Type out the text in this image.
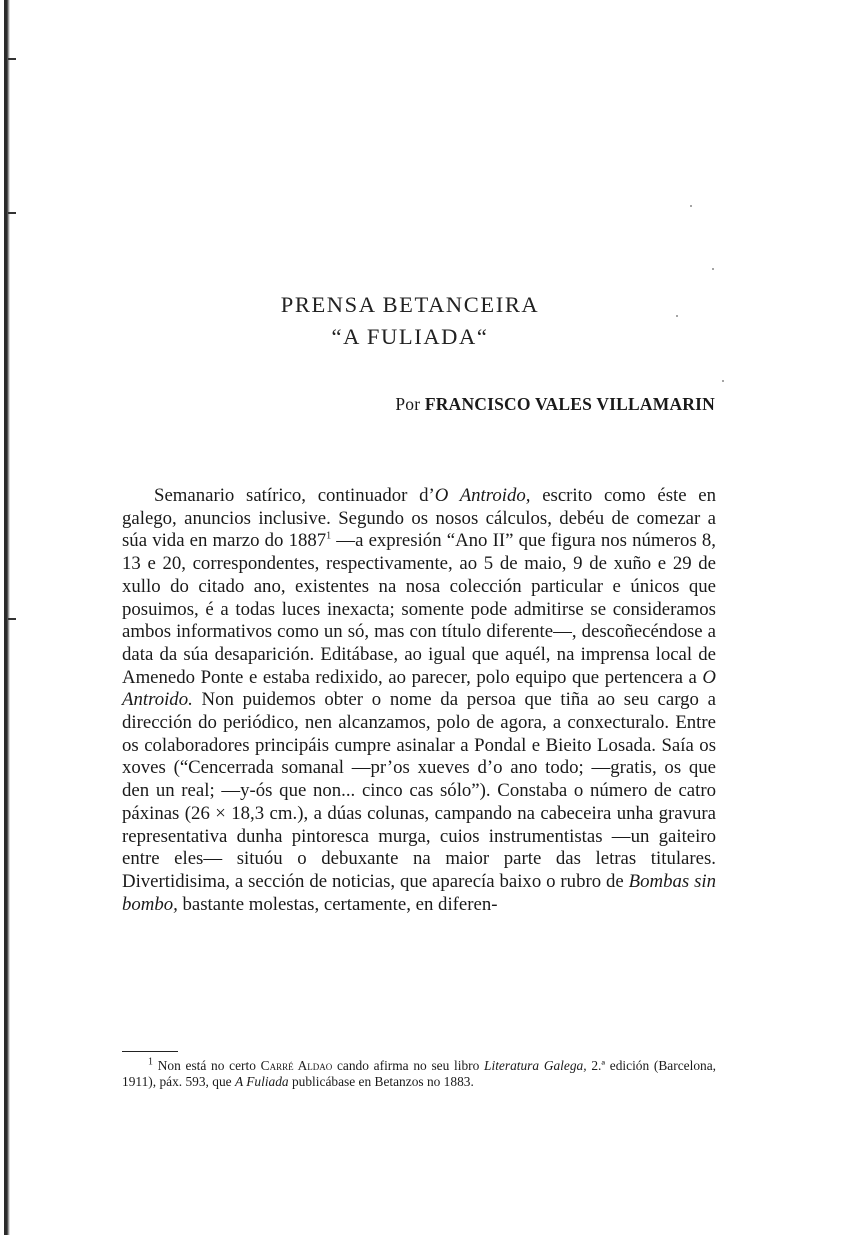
PRENSA BETANCEIRA
“A FULIADA“
Por FRANCISCO VALES VILLAMARIN

Semanario satírico, continuador d’O Antroido, escrito como éste en galego, anuncios inclusive. Segundo os nosos cálculos, debéu de comezar a súa vida en marzo do 1887$^1$ —a expresión “Ano II” que figura nos números 8, 13 e 20, correspondentes, respectivamente, ao 5 de maio, 9 de xuño e 29 de xullo do citado ano, existentes na nosa colección particular e únicos que posuimos, é a todas luces inexacta; somente pode admitirse se consideramos ambos informativos como un só, mas con título diferente—, descoñecéndose a data da súa desaparición. Editábase, ao igual que aquél, na imprensa local de Amenedo Ponte e estaba redixido, ao parecer, polo equipo que pertencera a O Antroido. Non puidemos obter o nome da persoa que tiña ao seu cargo a dirección do periódico, nen alcanzamos, polo de agora, a conxecturalo. Entre os colaboradores principáis cumpre asinalar a Pondal e Bieito Losada. Saía os xoves (“Cencerrada somanal —pr’os xueves d’o ano todo; —gratis, os que den un real; —y-ós que non... cinco cas sólo”). Constaba o número de catro páxinas (26 × 18,3 cm.), a dúas colunas, campando na cabeceira unha gravura representativa dunha pintoresca murga, cuios instrumentistas —un gaiteiro entre eles— situóu o debuxante na maior parte das letras titulares. Divertidisima, a sección de noticias, que aparecía baixo o rubro de Bombas sin bombo, bastante molestas, certamente, en diferen-

$^1$ Non está no certo Carré Aldao cando afirma no seu libro Literatura Galega, 2.ª edición (Barcelona, 1911), páx. 593, que A Fuliada publicábase en Betanzos no 1883.
